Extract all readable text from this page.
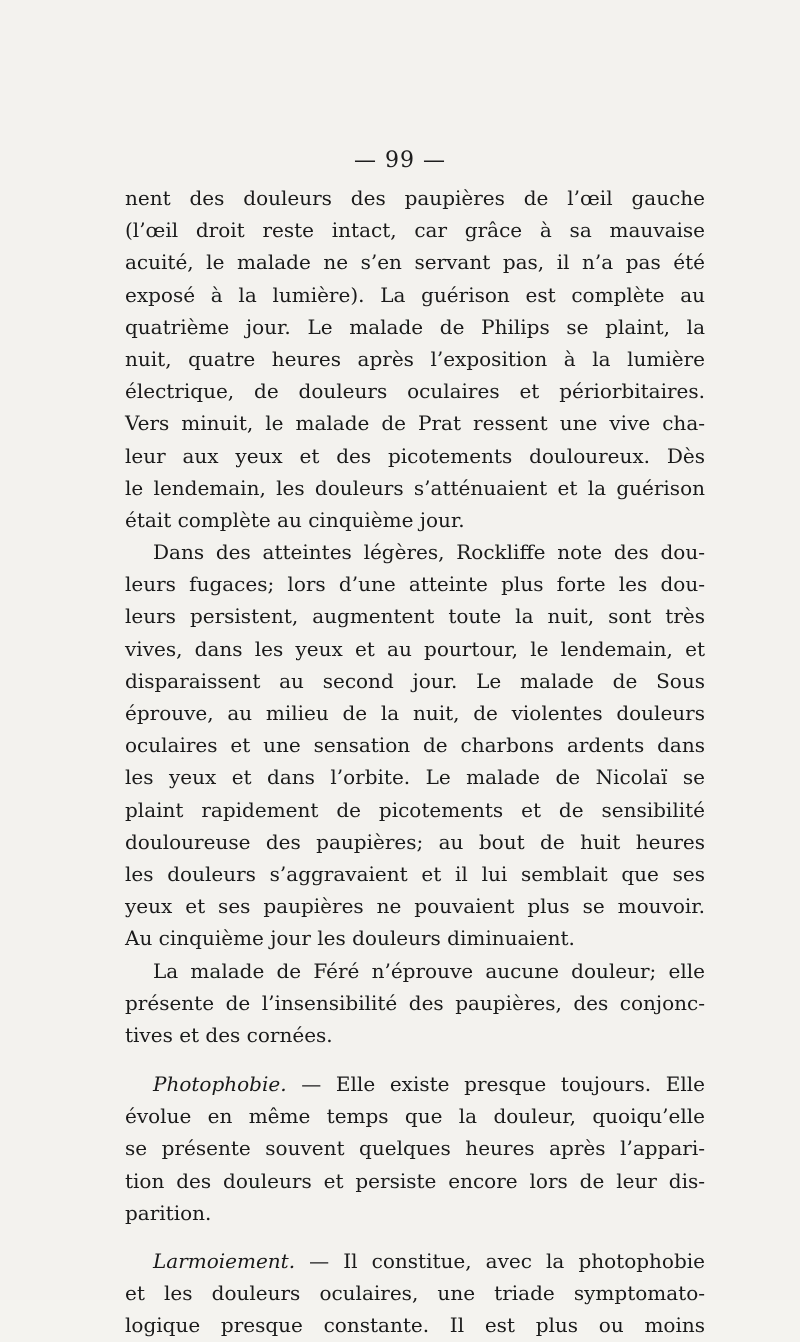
— 99 —
nent des douleurs des paupières de l’œil gauche
(l’œil droit reste intact, car grâce à sa mauvaise
acuité, le malade ne s’en servant pas, il n’a pas été
exposé à la lumière). La guérison est complète au
quatrième jour. Le malade de Philips se plaint, la
nuit, quatre heures après l’exposition à la lumière
électrique, de douleurs oculaires et périorbitaires.
Vers minuit, le malade de Prat ressent une vive cha-
leur aux yeux et des picotements douloureux. Dès
le lendemain, les douleurs s’atténuaient et la guérison
était complète au cinquième jour.
Dans des atteintes légères, Rockliffe note des dou-
leurs fugaces; lors d’une atteinte plus forte les dou-
leurs persistent, augmentent toute la nuit, sont très
vives, dans les yeux et au pourtour, le lendemain, et
disparaissent au second jour. Le malade de Sous
éprouve, au milieu de la nuit, de violentes douleurs
oculaires et une sensation de charbons ardents dans
les yeux et dans l’orbite. Le malade de Nicolaï se
plaint rapidement de picotements et de sensibilité
douloureuse des paupières; au bout de huit heures
les douleurs s’aggravaient et il lui semblait que ses
yeux et ses paupières ne pouvaient plus se mouvoir.
Au cinquième jour les douleurs diminuaient.
La malade de Féré n’éprouve aucune douleur; elle
présente de l’insensibilité des paupières, des conjonc-
tives et des cornées.
Photophobie. — Elle existe presque toujours. Elle
évolue en même temps que la douleur, quoiqu’elle
se présente souvent quelques heures après l’appari-
tion des douleurs et persiste encore lors de leur dis-
parition.
Larmoiement. — Il constitue, avec la photophobie
et les douleurs oculaires, une triade symptomato-
logique presque constante. Il est plus ou moins
